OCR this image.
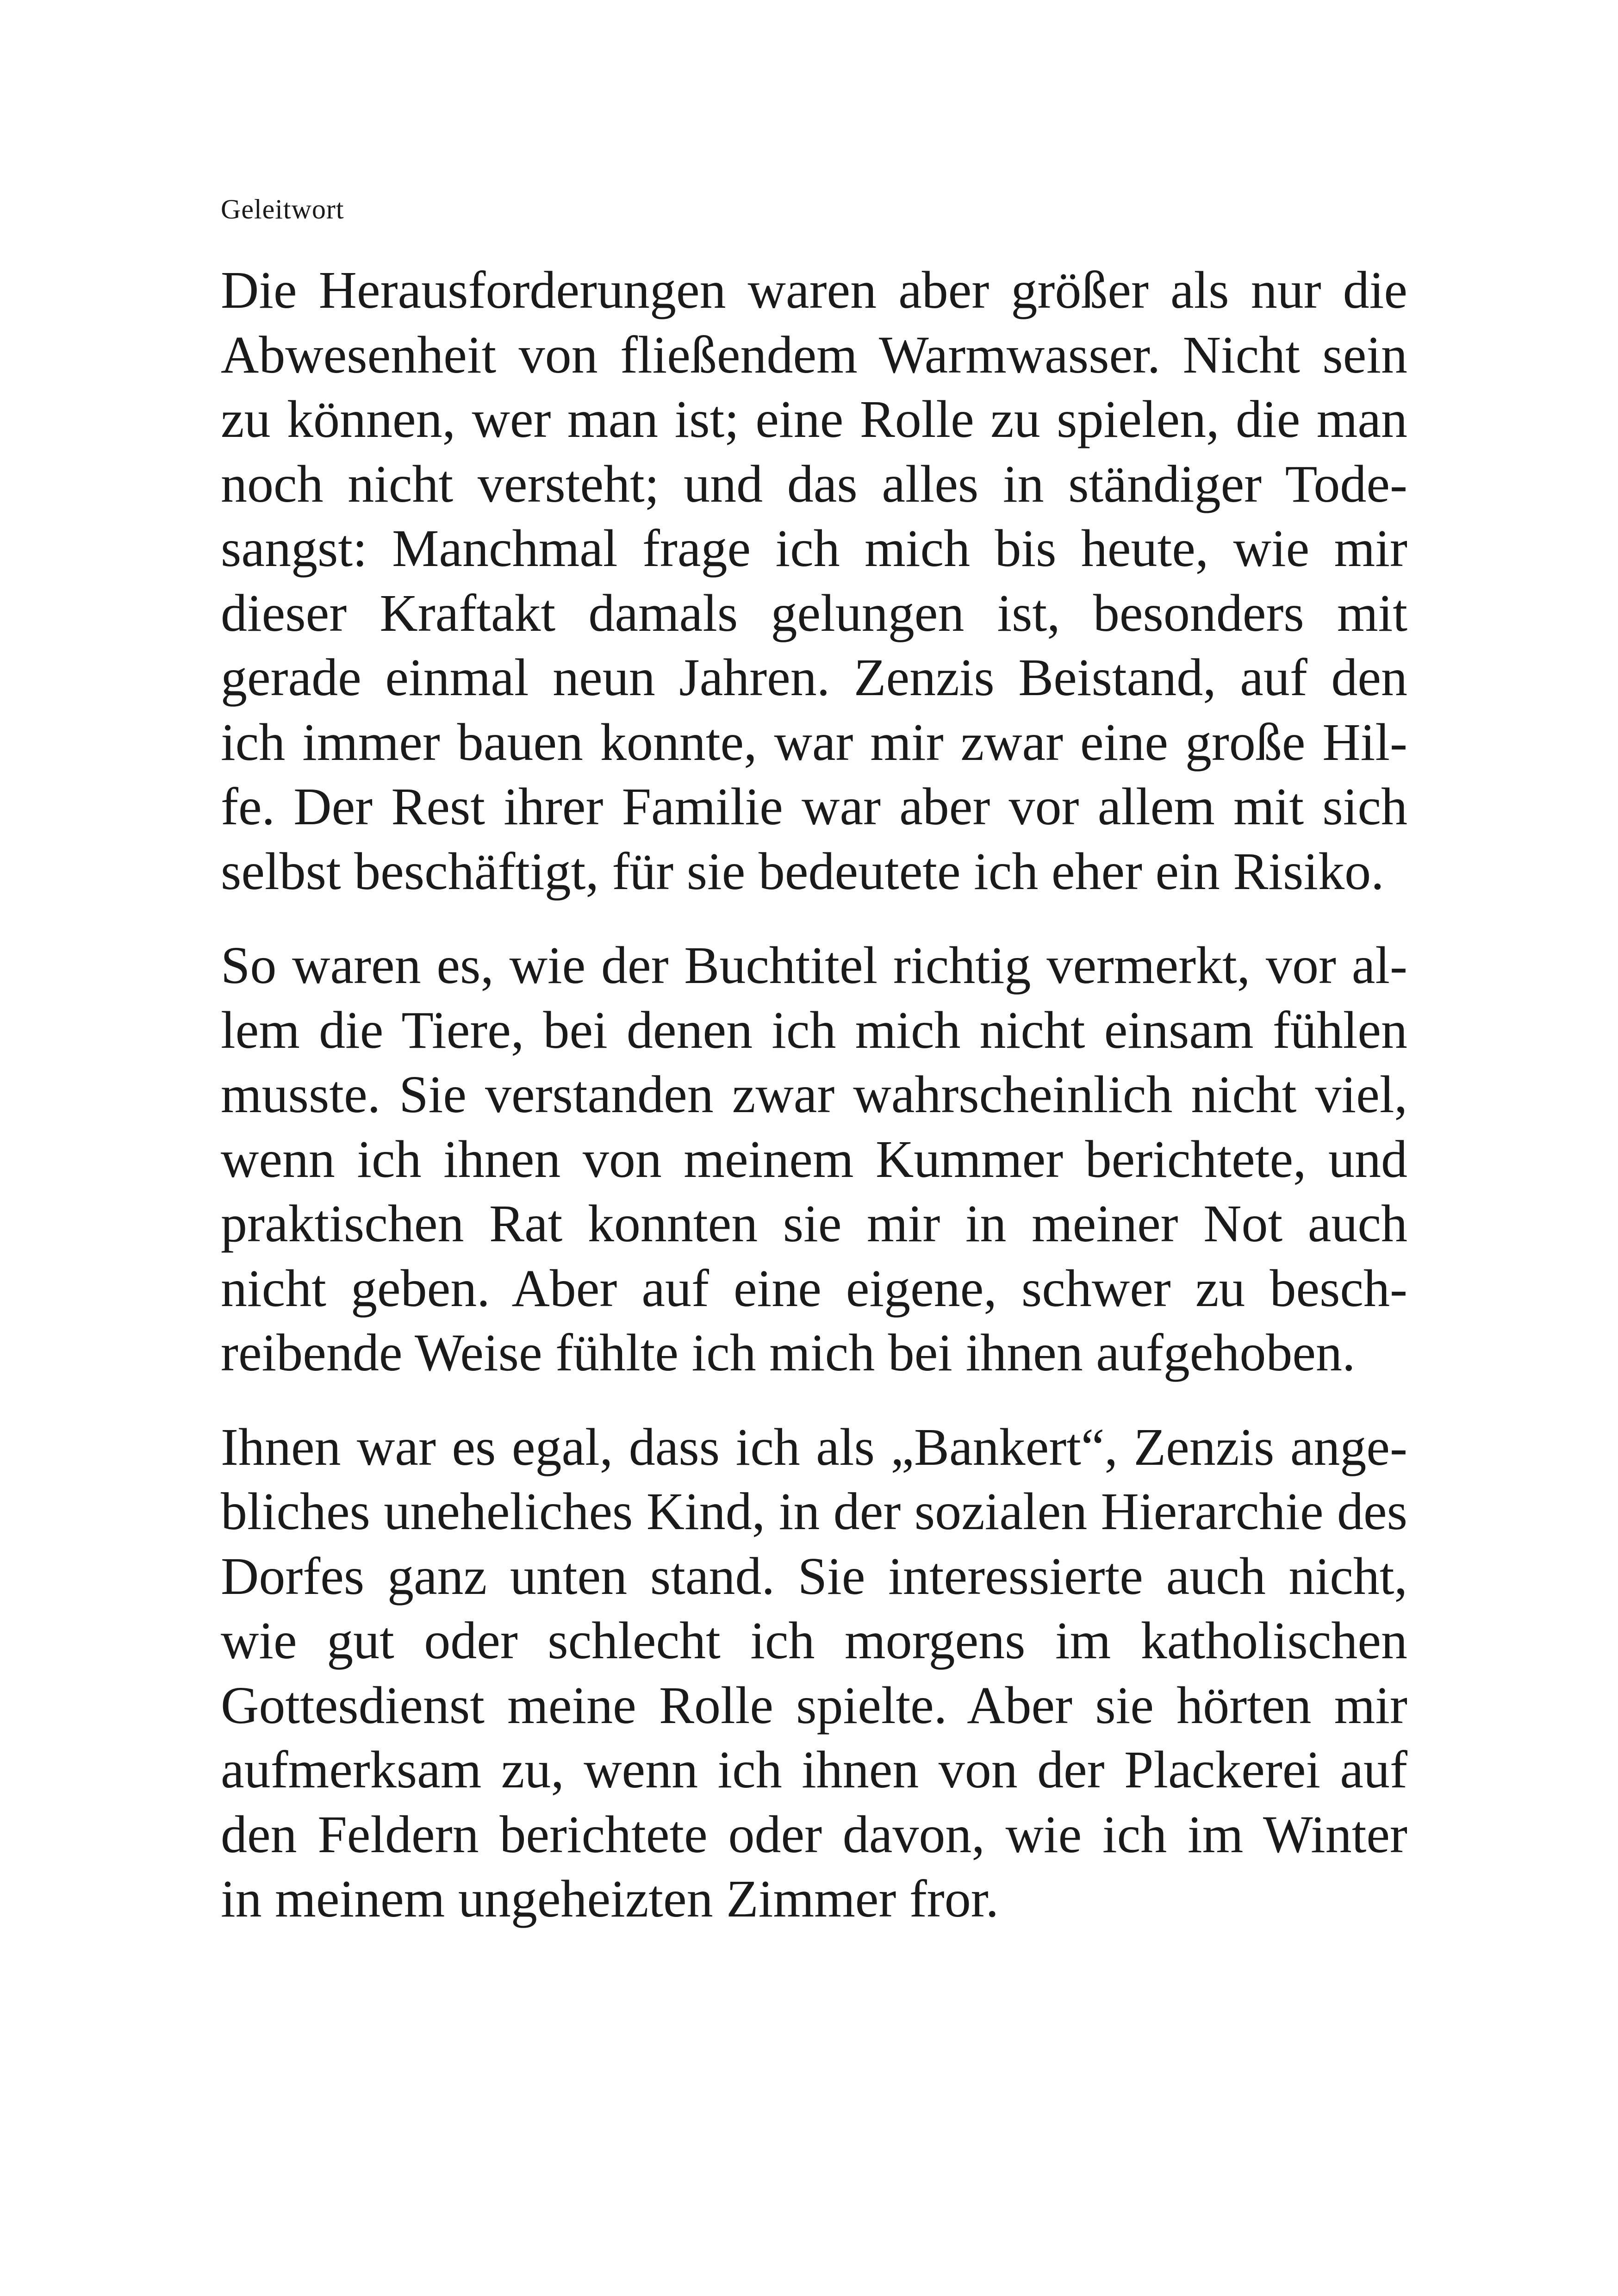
Geleitwort
Die Herausforderungen waren aber größer als nur die
Abwesenheit von fließendem Warmwasser. Nicht sein
zu können, wer man ist; eine Rolle zu spielen, die man
noch nicht versteht; und das alles in ständiger Tode-
sangst: Manchmal frage ich mich bis heute, wie mir
dieser Kraftakt damals gelungen ist, besonders mit
gerade einmal neun Jahren. Zenzis Beistand, auf den
ich immer bauen konnte, war mir zwar eine große Hil-
fe. Der Rest ihrer Familie war aber vor allem mit sich
selbst beschäftigt, für sie bedeutete ich eher ein Risiko.
So waren es, wie der Buchtitel richtig vermerkt, vor al-
lem die Tiere, bei denen ich mich nicht einsam fühlen
musste. Sie verstanden zwar wahrscheinlich nicht viel,
wenn ich ihnen von meinem Kummer berichtete, und
praktischen Rat konnten sie mir in meiner Not auch
nicht geben. Aber auf eine eigene, schwer zu besch-
reibende Weise fühlte ich mich bei ihnen aufgehoben.
Ihnen war es egal, dass ich als „Bankert“, Zenzis ange-
bliches uneheliches Kind, in der sozialen Hierarchie des
Dorfes ganz unten stand. Sie interessierte auch nicht,
wie gut oder schlecht ich morgens im katholischen
Gottesdienst meine Rolle spielte. Aber sie hörten mir
aufmerksam zu, wenn ich ihnen von der Plackerei auf
den Feldern berichtete oder davon, wie ich im Winter
in meinem ungeheizten Zimmer fror.
